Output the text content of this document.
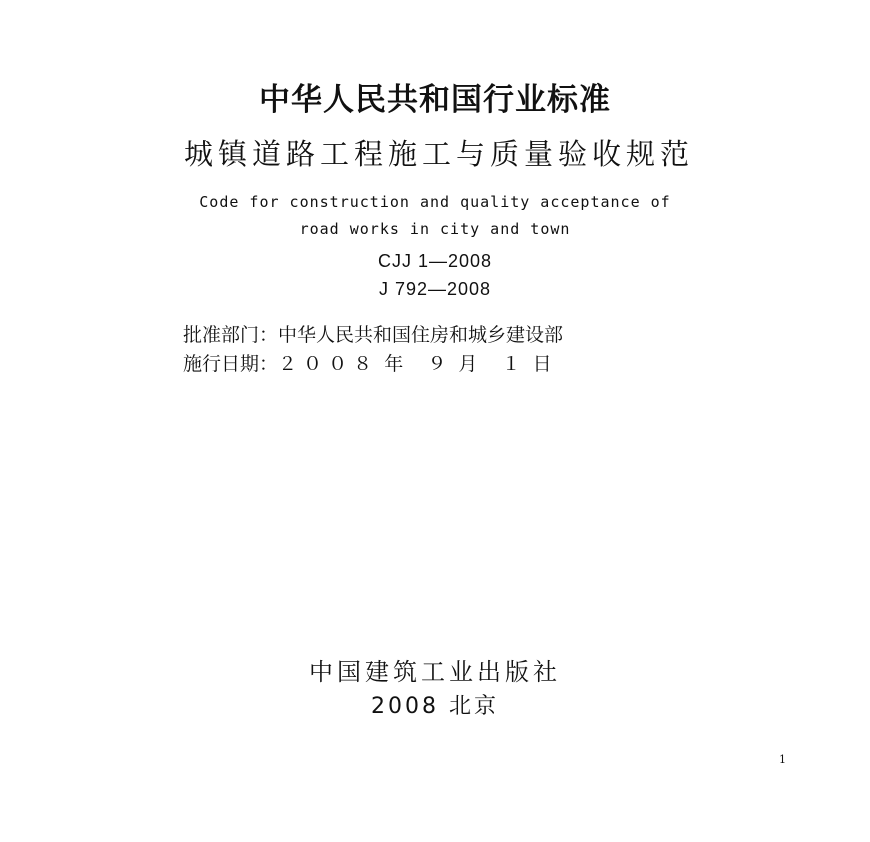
中华人民共和国行业标准
城镇道路工程施工与质量验收规范
Code for construction and quality acceptance of
road works in city and town
CJJ 1—2008
J 792—2008
批准部门：中华人民共和国住房和城乡建设部
施行日期：２ ０ ０ ８  年    ９  月    １  日
中国建筑工业出版社
2008 北京
1
